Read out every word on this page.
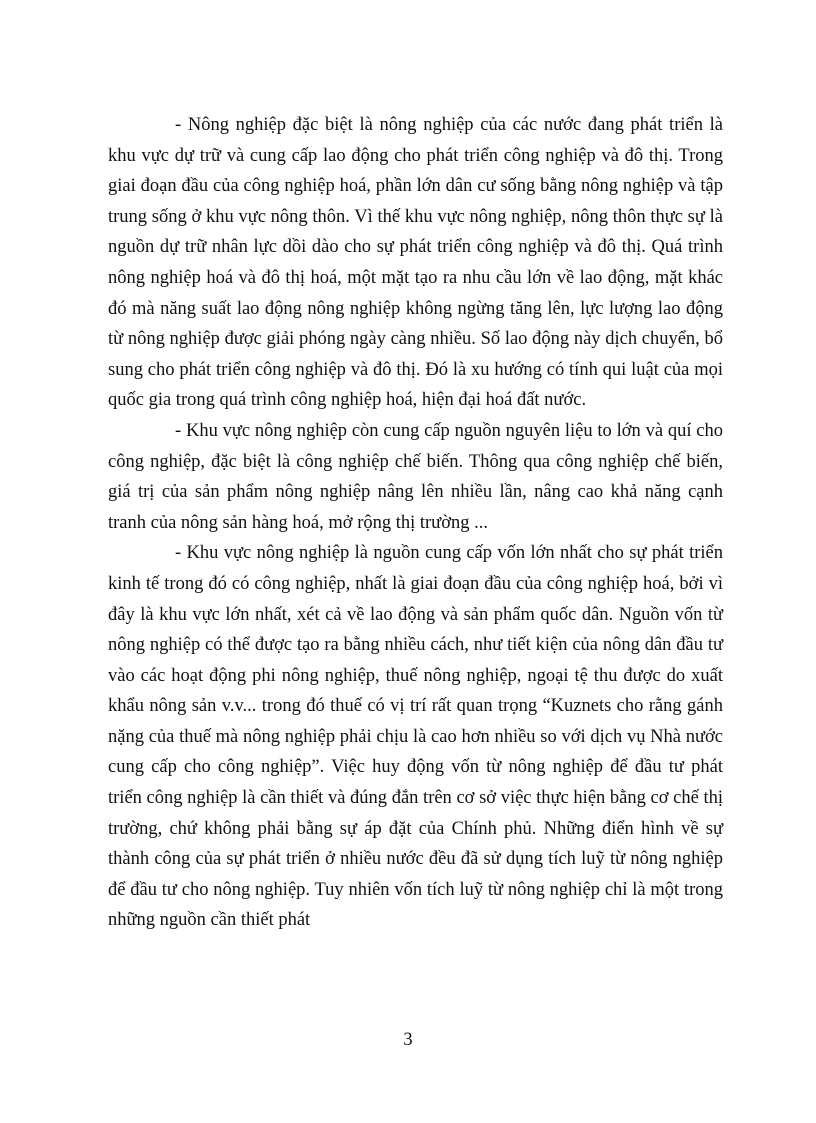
- Nông nghiệp đặc biệt là nông nghiệp của các nước đang phát triển là khu vực dự trữ và cung cấp lao động cho phát triển công nghiệp và đô thị. Trong giai đoạn đầu của công nghiệp hoá, phần lớn dân cư sống bằng nông nghiệp và tập trung sống ở khu vực nông thôn. Vì thế khu vực nông nghiệp, nông thôn thực sự là nguồn dự trữ nhân lực dồi dào cho sự phát triển công nghiệp và đô thị. Quá trình nông nghiệp hoá và đô thị hoá, một mặt tạo ra nhu cầu lớn về lao động, mặt khác đó mà năng suất lao động nông nghiệp không ngừng tăng lên, lực lượng lao động từ nông nghiệp được giải phóng ngày càng nhiều. Số lao động này dịch chuyển, bổ sung cho phát triển công nghiệp và đô thị. Đó là xu hướng có tính qui luật của mọi quốc gia trong quá trình công nghiệp hoá, hiện đại hoá đất nước.

- Khu vực nông nghiệp còn cung cấp nguồn nguyên liệu to lớn và quí cho công nghiệp, đặc biệt là công nghiệp chế biến. Thông qua công nghiệp chế biến, giá trị của sản phẩm nông nghiệp nâng lên nhiều lần, nâng cao khả năng cạnh tranh của nông sản hàng hoá, mở rộng thị trường ...

- Khu vực nông nghiệp là nguồn cung cấp vốn lớn nhất cho sự phát triển kinh tế trong đó có công nghiệp, nhất là giai đoạn đầu của công nghiệp hoá, bởi vì đây là khu vực lớn nhất, xét cả về lao động và sản phẩm quốc dân. Nguồn vốn từ nông nghiệp có thể được tạo ra bằng nhiều cách, như tiết kiện của nông dân đầu tư vào các hoạt động phi nông nghiệp, thuế nông nghiệp, ngoại tệ thu được do xuất khẩu nông sản v.v... trong đó thuế có vị trí rất quan trọng “Kuznets cho rằng gánh nặng của thuế mà nông nghiệp phải chịu là cao hơn nhiều so với dịch vụ Nhà nước cung cấp cho công nghiệp”. Việc huy động vốn từ nông nghiệp để đầu tư phát triển công nghiệp là cần thiết và đúng đắn trên cơ sở việc thực hiện bằng cơ chế thị trường, chứ không phải bằng sự áp đặt của Chính phủ. Những điển hình về sự thành công của sự phát triển ở nhiều nước đều đã sử dụng tích luỹ từ nông nghiệp để đầu tư cho nông nghiệp. Tuy nhiên vốn tích luỹ từ nông nghiệp chỉ là một trong những nguồn cần thiết phát

3
